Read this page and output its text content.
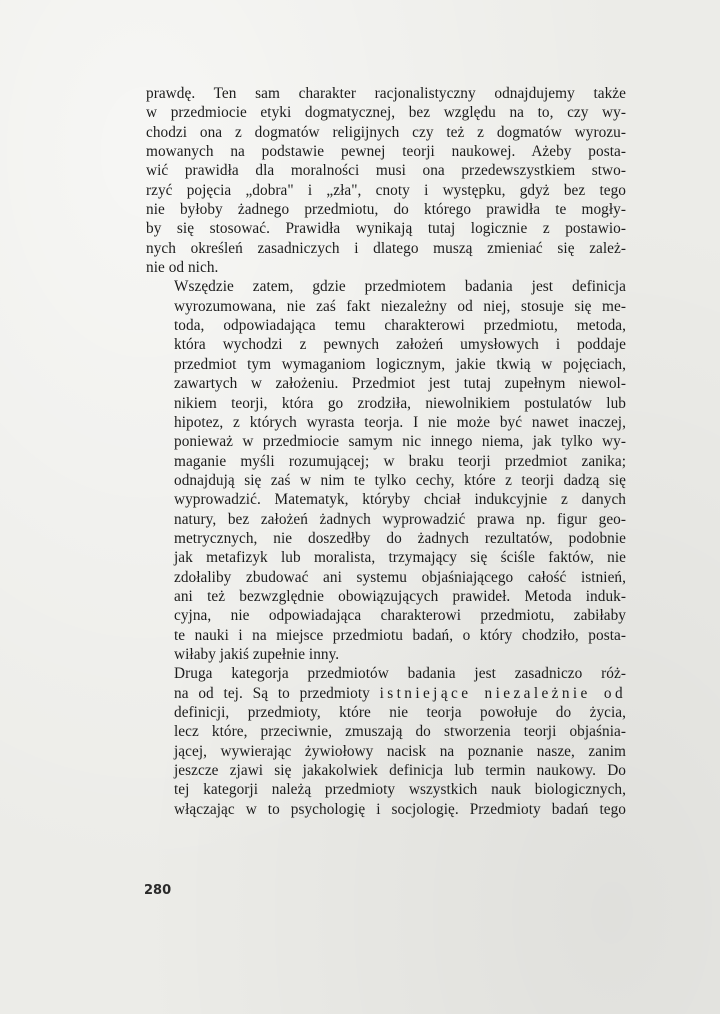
prawdę. Ten sam charakter racjonalistyczny odnajdujemy także
w przedmiocie etyki dogmatycznej, bez względu na to, czy wy-
chodzi ona z dogmatów religijnych czy też z dogmatów wyrozu-
mowanych na podstawie pewnej teorji naukowej. Ażeby posta-
wić prawidła dla moralności musi ona przedewszystkiem stwo-
rzyć pojęcia „dobra" i „zła", cnoty i występku, gdyż bez tego
nie byłoby żadnego przedmiotu, do którego prawidła te mogły-
by się stosować. Prawidła wynikają tutaj logicznie z postawio-
nych określeń zasadniczych i dlatego muszą zmieniać się zależ-
nie od nich.

Wszędzie zatem, gdzie przedmiotem badania jest definicja
wyrozumowana, nie zaś fakt niezależny od niej, stosuje się me-
toda, odpowiadająca temu charakterowi przedmiotu, metoda,
która wychodzi z pewnych założeń umysłowych i poddaje
przedmiot tym wymaganiom logicznym, jakie tkwią w pojęciach,
zawartych w założeniu. Przedmiot jest tutaj zupełnym niewol-
nikiem teorji, która go zrodziła, niewolnikiem postulatów lub
hipotez, z których wyrasta teorja. I nie może być nawet inaczej,
ponieważ w przedmiocie samym nic innego niema, jak tylko wy-
maganie myśli rozumującej; w braku teorji przedmiot zanika;
odnajdują się zaś w nim te tylko cechy, które z teorji dadzą się
wyprowadzić. Matematyk, któryby chciał indukcyjnie z danych
natury, bez założeń żadnych wyprowadzić prawa np. figur geo-
metrycznych, nie doszedłby do żadnych rezultatów, podobnie
jak metafizyk lub moralista, trzymający się ściśle faktów, nie
zdołaliby zbudować ani systemu objaśniającego całość istnień,
ani też bezwzględnie obowiązujących prawideł. Metoda induk-
cyjna, nie odpowiadająca charakterowi przedmiotu, zabiłaby
te nauki i na miejsce przedmiotu badań, o który chodziło, posta-
wiłaby jakiś zupełnie inny.

Druga kategorja przedmiotów badania jest zasadniczo róż-
na od tej. Są to przedmioty istniejące niezależnie od
definicji, przedmioty, które nie teorja powołuje do życia,
lecz które, przeciwnie, zmuszają do stworzenia teorji objaśnia-
jącej, wywierając żywiołowy nacisk na poznanie nasze, zanim
jeszcze zjawi się jakakolwiek definicja lub termin naukowy. Do
tej kategorji należą przedmioty wszystkich nauk biologicznych,
włączając w to psychologię i socjologię. Przedmioty badań tego

280
